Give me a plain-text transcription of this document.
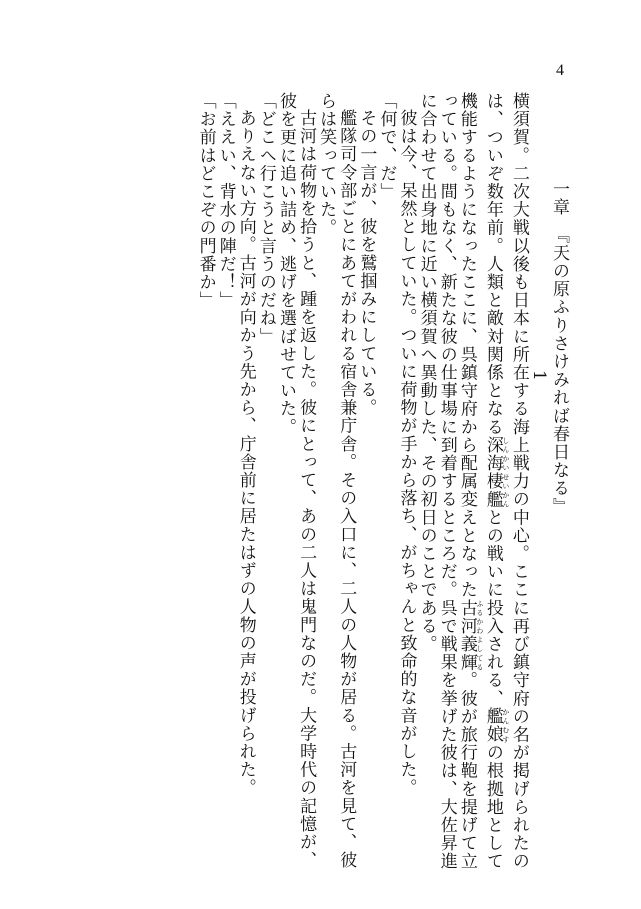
4
一章　『天の原ふりさけみれば春日なる』
1

横須賀。二次大戦以後も日本に所在する海上戦力の中心。ここに再び鎮守府の名が掲げられたのは、ついぞ数年前。人類と敵対関係となる深海棲艦 しんかいせいかんとの戦いに投入される、艦娘 かんむすの根拠地として機能するようになったここに、呉鎮守府から配属変えとなった古河義輝 ふるかわよしてる。彼が旅行鞄を提げて立っている。間もなく、新たな彼の仕事場に到着するところだ。呉で戦果を挙げた彼は、大佐昇進に合わせて出身地に近い横須賀へ異動した、その初日のことである。

彼は今、呆然としていた。ついに荷物が手から落ち、がちゃんと致命的な音がした。

「何で、だ」

その一言が、彼を鷲掴みにしている。

艦隊司令部ごとにあてがわれる宿舎兼庁舎。その入口に、二人の人物が居る。古河を見て、彼らは笑っていた。

古河は荷物を拾うと、踵を返した。彼にとって、あの二人は鬼門なのだ。大学時代の記憶が、彼を更に追い詰め、逃げを選ばせていた。

「どこへ行こうと言うのだね」

ありえない方向。古河が向かう先から、庁舎前に居たはずの人物の声が投げられた。

「ええい、背水の陣だ！」

「お前はどこぞの門番か」
